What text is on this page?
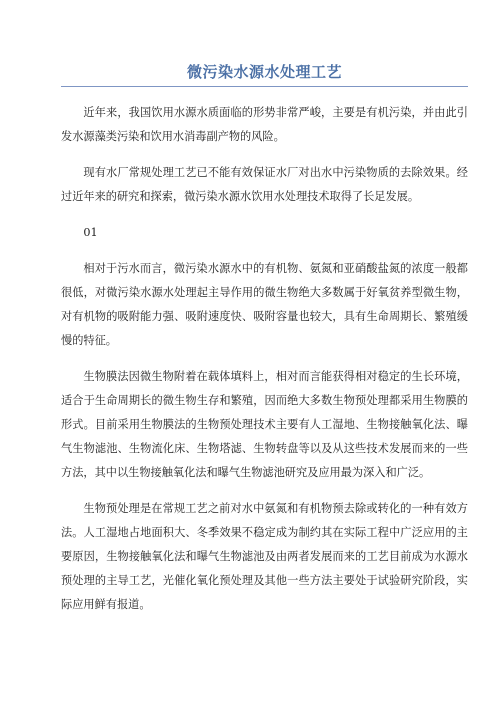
微污染水源水处理工艺

近年来，我国饮用水源水质面临的形势非常严峻，主要是有机污染，并由此引发水源藻类污染和饮用水消毒副产物的风险。

现有水厂常规处理工艺已不能有效保证水厂对出水中污染物质的去除效果。经过近年来的研究和探索，微污染水源水饮用水处理技术取得了长足发展。

01

相对于污水而言，微污染水源水中的有机物、氨氮和亚硝酸盐氮的浓度一般都很低，对微污染水源水处理起主导作用的微生物绝大多数属于好氧贫养型微生物，对有机物的吸附能力强、吸附速度快、吸附容量也较大，具有生命周期长、繁殖缓慢的特征。

生物膜法因微生物附着在载体填料上，相对而言能获得相对稳定的生长环境，适合于生命周期长的微生物生存和繁殖，因而绝大多数生物预处理都采用生物膜的形式。目前采用生物膜法的生物预处理技术主要有人工湿地、生物接触氧化法、曝气生物滤池、生物流化床、生物塔滤、生物转盘等以及从这些技术发展而来的一些方法，其中以生物接触氧化法和曝气生物滤池研究及应用最为深入和广泛。

生物预处理是在常规工艺之前对水中氨氮和有机物预去除或转化的一种有效方法。人工湿地占地面积大、冬季效果不稳定成为制约其在实际工程中广泛应用的主要原因，生物接触氧化法和曝气生物滤池及由两者发展而来的工艺目前成为水源水预处理的主导工艺，光催化氧化预处理及其他一些方法主要处于试验研究阶段，实际应用鲜有报道。
